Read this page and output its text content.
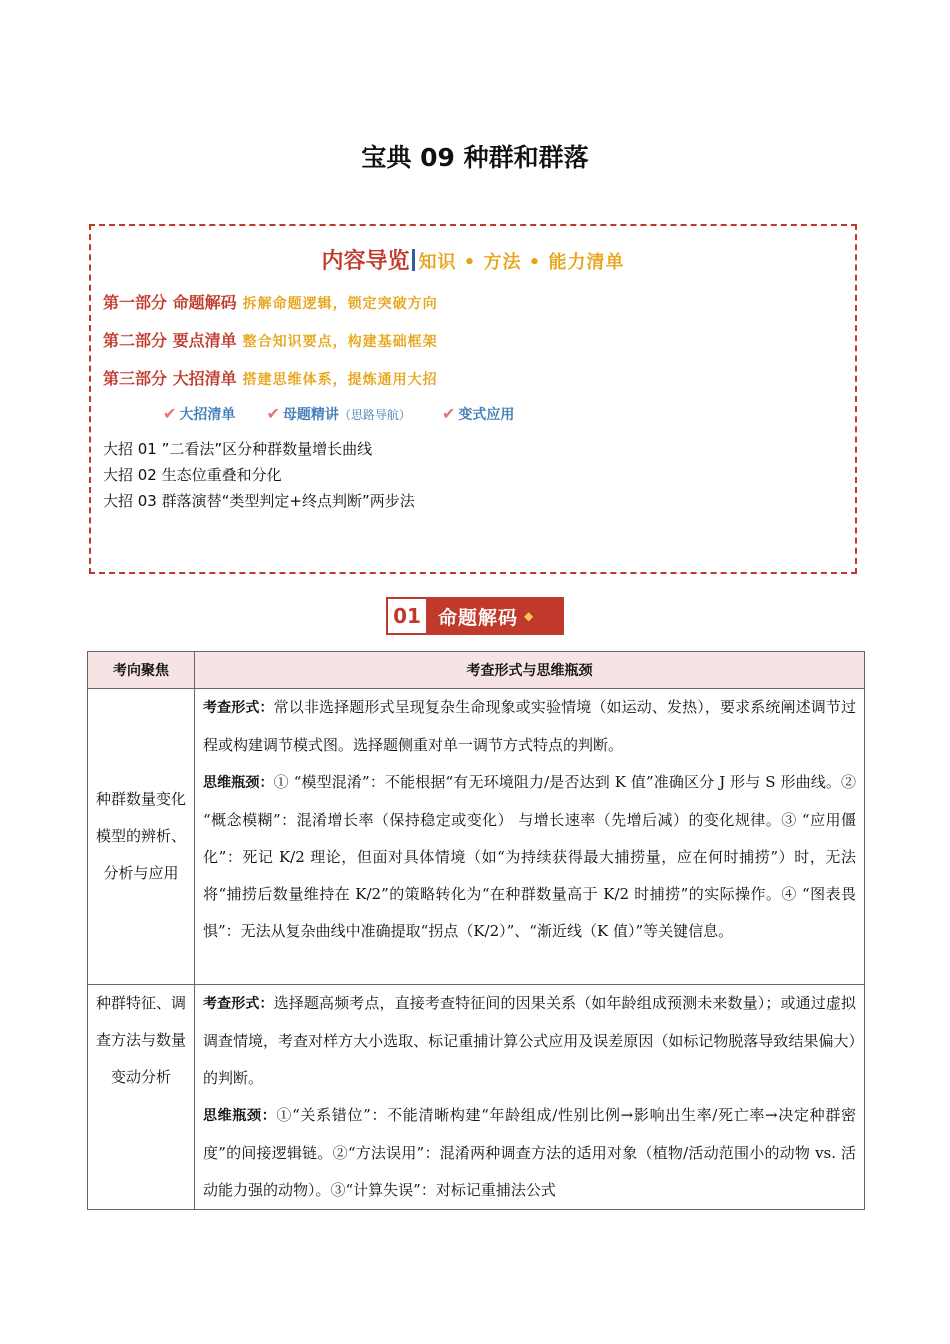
宝典 09 种群和群落
内容导览 知识 • 方法 • 能力清单
第一部分 命题解码 拆解命题逻辑，锁定突破方向
第二部分 要点清单 整合知识要点，构建基础框架
第三部分 大招清单 搭建思维体系，提炼通用大招
✔ 大招清单 ✔ 母题精讲（思路导航） ✔ 变式应用
大招 01 ”二看法”区分种群数量增长曲线
大招 02 生态位重叠和分化
大招 03 群落演替“类型判定+终点判断”两步法
01 命题解码 ◆
考向聚焦	考查形式与思维瓶颈
种群数量变化模型的辨析、分析与应用	考查形式：常以非选择题形式呈现复杂生命现象或实验情境（如运动、发热），要求系统阐述调节过程或构建调节模式图。选择题侧重对单一调节方式特点的判断。
思维瓶颈：① “模型混淆”：不能根据“有无环境阻力/是否达到 K 值”准确区分 J 形与 S 形曲线。② “概念模糊”：混淆增长率（保持稳定或变化） 与增长速率（先增后减）的变化规律。③ “应用僵化”：死记 K/2 理论，但面对具体情境（如“为持续获得最大捕捞量，应在何时捕捞”）时，无法将“捕捞后数量维持在 K/2”的策略转化为“在种群数量高于 K/2 时捕捞”的实际操作。④ “图表畏惧”：无法从复杂曲线中准确提取“拐点（K/2）”、“渐近线（K 值）”等关键信息。

种群特征、调查方法与数量变动分析	考查形式：选择题高频考点，直接考查特征间的因果关系（如年龄组成预测未来数量）；或通过虚拟调查情境，考查对样方大小选取、标记重捕计算公式应用及误差原因（如标记物脱落导致结果偏大）的判断。
思维瓶颈：①“关系错位”：不能清晰构建“年龄组成/性别比例→影响出生率/死亡率→决定种群密度”的间接逻辑链。②“方法误用”：混淆两种调查方法的适用对象（植物/活动范围小的动物 vs. 活动能力强的动物）。③“计算失误”：对标记重捕法公式
